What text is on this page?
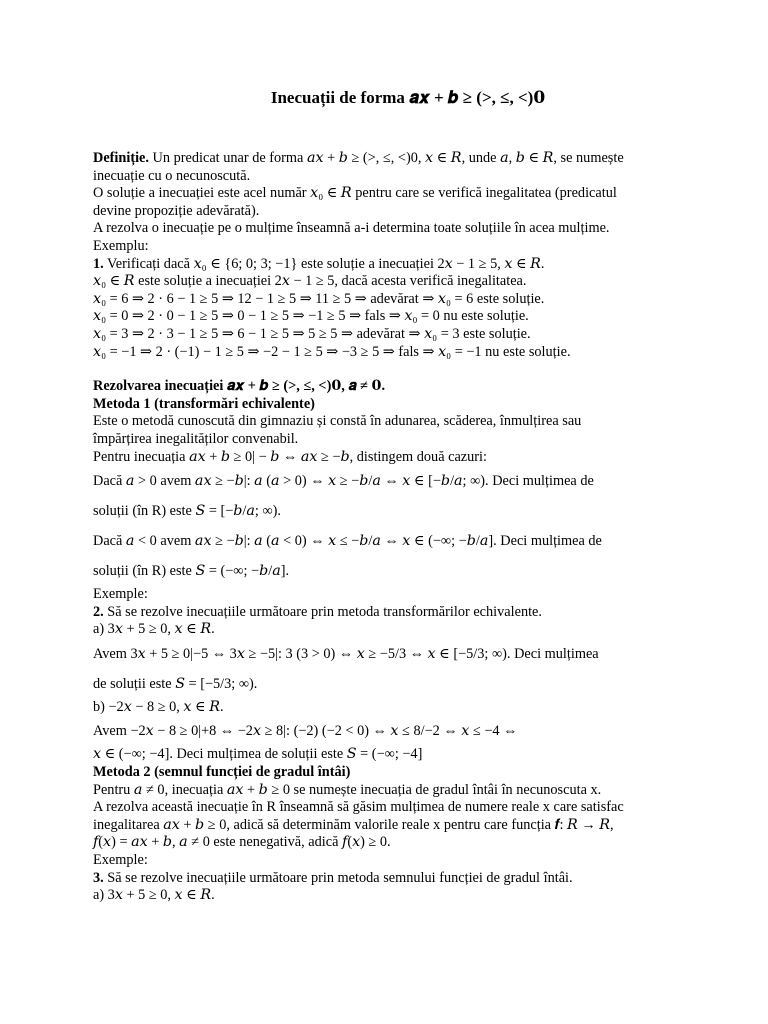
Inecuații de forma 𝒂𝒙 + 𝒃 ≥ (>, ≤, <)𝟎
Definiție. Un predicat unar de forma 𝑎𝑥 + 𝑏 ≥ (>, ≤, <)0, 𝑥 ∈ 𝑅, unde 𝑎, 𝑏 ∈ 𝑅, se numește
inecuație cu o necunoscută.
O soluție a inecuației este acel număr 𝑥₀ ∈ 𝑅 pentru care se verifică inegalitatea (predicatul
devine propoziție adevărată).
A rezolva o inecuație pe o mulțime înseamnă a-i determina toate soluțiile în acea mulțime.
Exemplu:
1. Verificați dacă 𝑥₀ ∈ {6; 0; 3; −1} este soluție a inecuației 2𝑥 − 1 ≥ 5, 𝑥 ∈ 𝑅.
𝑥₀ ∈ 𝑅 este soluție a inecuației 2𝑥 − 1 ≥ 5, dacă acesta verifică inegalitatea.
𝑥₀ = 6 ⇒ 2 · 6 − 1 ≥ 5 ⇒ 12 − 1 ≥ 5 ⇒ 11 ≥ 5 ⇒ adevărat ⇒ 𝑥₀ = 6 este soluție.
𝑥₀ = 0 ⇒ 2 · 0 − 1 ≥ 5 ⇒ 0 − 1 ≥ 5 ⇒ −1 ≥ 5 ⇒ fals ⇒ 𝑥₀ = 0 nu este soluție.
𝑥₀ = 3 ⇒ 2 · 3 − 1 ≥ 5 ⇒ 6 − 1 ≥ 5 ⇒ 5 ≥ 5 ⇒ adevărat ⇒ 𝑥₀ = 3 este soluție.
𝑥₀ = −1 ⇒ 2 · (−1) − 1 ≥ 5 ⇒ −2 − 1 ≥ 5 ⇒ −3 ≥ 5 ⇒ fals ⇒ 𝑥₀ = −1 nu este soluție.
Rezolvarea inecuației 𝒂𝒙 + 𝒃 ≥ (>, ≤, <)𝟎, 𝒂 ≠ 𝟎.
Metoda 1 (transformări echivalente)
Este o metodă cunoscută din gimnaziu și constă în adunarea, scăderea, înmulțirea sau
împărțirea inegalităților convenabil.
Pentru inecuația 𝑎𝑥 + 𝑏 ≥ 0| − 𝑏 ⇔ 𝑎𝑥 ≥ −𝑏, distingem două cazuri:
Dacă 𝑎 > 0 avem 𝑎𝑥 ≥ −𝑏|: 𝑎 (𝑎 > 0) ⇔ 𝑥 ≥ −𝑏/𝑎 ⇔ 𝑥 ∈ [−𝑏/𝑎; ∞). Deci mulțimea de
soluții (în R) este 𝑆 = [−𝑏/𝑎; ∞).
Dacă 𝑎 < 0 avem 𝑎𝑥 ≥ −𝑏|: 𝑎 (𝑎 < 0) ⇔ 𝑥 ≤ −𝑏/𝑎 ⇔ 𝑥 ∈ (−∞; −𝑏/𝑎]. Deci mulțimea de
soluții (în R) este 𝑆 = (−∞; −𝑏/𝑎].
Exemple:
2. Să se rezolve inecuațiile următoare prin metoda transformărilor echivalente.
a) 3𝑥 + 5 ≥ 0, 𝑥 ∈ 𝑅.
Avem 3𝑥 + 5 ≥ 0|−5 ⇔ 3𝑥 ≥ −5|: 3 (3 > 0) ⇔ 𝑥 ≥ −5/3 ⇔ 𝑥 ∈ [−5/3; ∞). Deci mulțimea
de soluții este 𝑆 = [−5/3; ∞).
b) −2𝑥 − 8 ≥ 0, 𝑥 ∈ 𝑅.
Avem −2𝑥 − 8 ≥ 0|+8 ⇔ −2𝑥 ≥ 8|: (−2) (−2 < 0) ⇔ 𝑥 ≤ 8/−2 ⇔ 𝑥 ≤ −4 ⇔
𝑥 ∈ (−∞; −4]. Deci mulțimea de soluții este 𝑆 = (−∞; −4]
Metoda 2 (semnul funcției de gradul întâi)
Pentru 𝑎 ≠ 0, inecuația 𝑎𝑥 + 𝑏 ≥ 0 se numește inecuația de gradul întâi în necunoscuta x.
A rezolva această inecuație în R înseamnă să găsim mulțimea de numere reale x care satisfac
inegalitarea 𝑎𝑥 + 𝑏 ≥ 0, adică să determinăm valorile reale x pentru care funcția 𝒇: 𝑅 → 𝑅,
𝑓(𝑥) = 𝑎𝑥 + 𝑏, 𝑎 ≠ 0 este nenegativă, adică 𝑓(𝑥) ≥ 0.
Exemple:
3. Să se rezolve inecuațiile următoare prin metoda semnului funcției de gradul întâi.
a) 3𝑥 + 5 ≥ 0, 𝑥 ∈ 𝑅.
